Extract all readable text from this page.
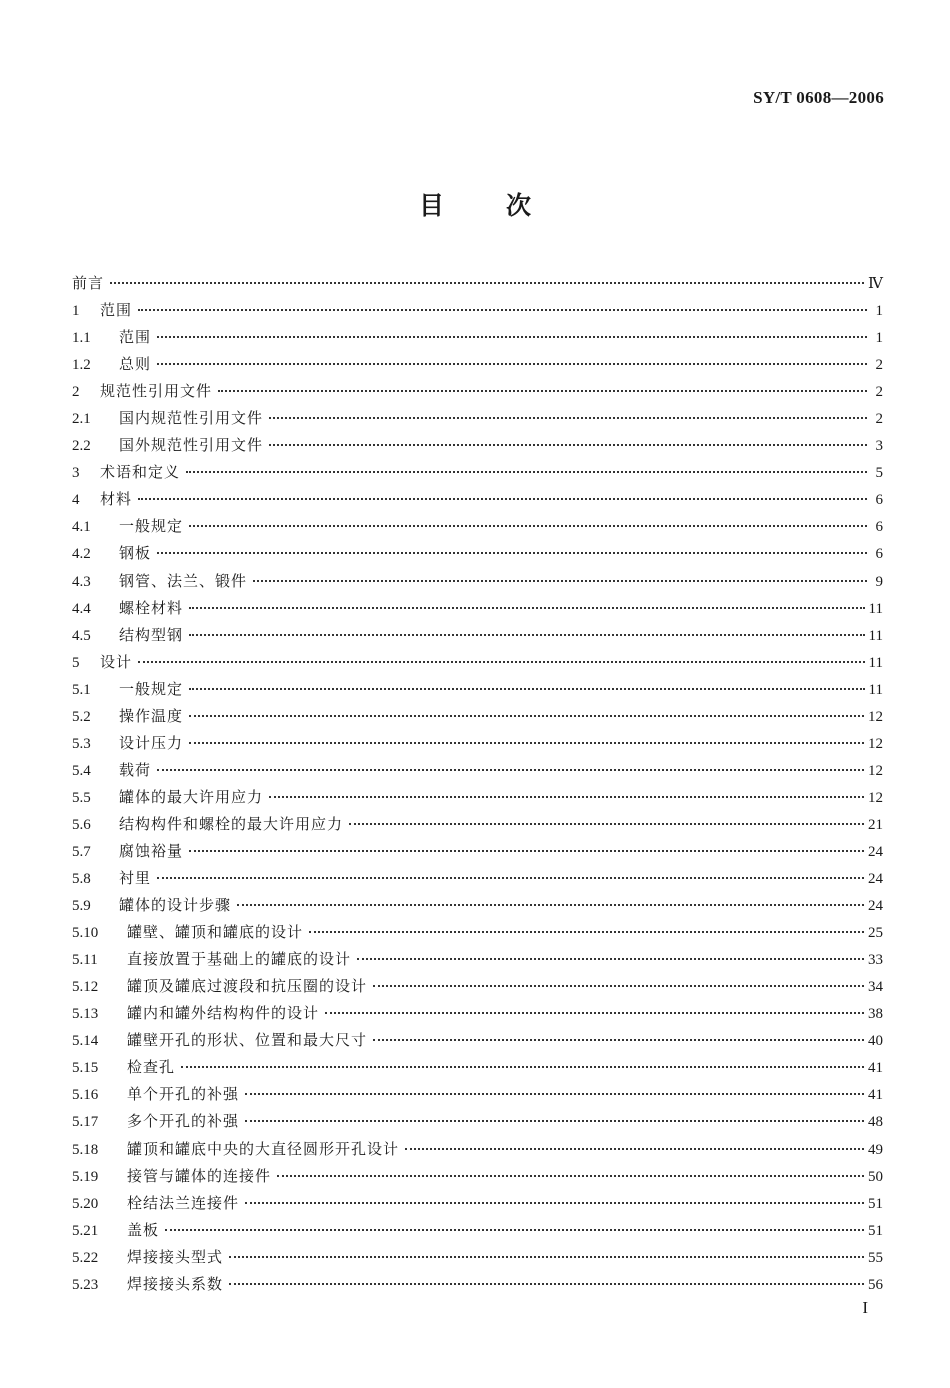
SY/T 0608—2006
目次
前言	Ⅳ
1	范围	1
1.1	范围	1
1.2	总则	2
2	规范性引用文件	2
2.1	国内规范性引用文件	2
2.2	国外规范性引用文件	3
3	术语和定义	5
4	材料	6
4.1	一般规定	6
4.2	钢板	6
4.3	钢管、法兰、锻件	9
4.4	螺栓材料	11
4.5	结构型钢	11
5	设计	11
5.1	一般规定	11
5.2	操作温度	12
5.3	设计压力	12
5.4	载荷	12
5.5	罐体的最大许用应力	12
5.6	结构构件和螺栓的最大许用应力	21
5.7	腐蚀裕量	24
5.8	衬里	24
5.9	罐体的设计步骤	24
5.10	罐壁、罐顶和罐底的设计	25
5.11	直接放置于基础上的罐底的设计	33
5.12	罐顶及罐底过渡段和抗压圈的设计	34
5.13	罐内和罐外结构构件的设计	38
5.14	罐壁开孔的形状、位置和最大尺寸	40
5.15	检查孔	41
5.16	单个开孔的补强	41
5.17	多个开孔的补强	48
5.18	罐顶和罐底中央的大直径圆形开孔设计	49
5.19	接管与罐体的连接件	50
5.20	栓结法兰连接件	51
5.21	盖板	51
5.22	焊接接头型式	55
5.23	焊接接头系数	56
I
